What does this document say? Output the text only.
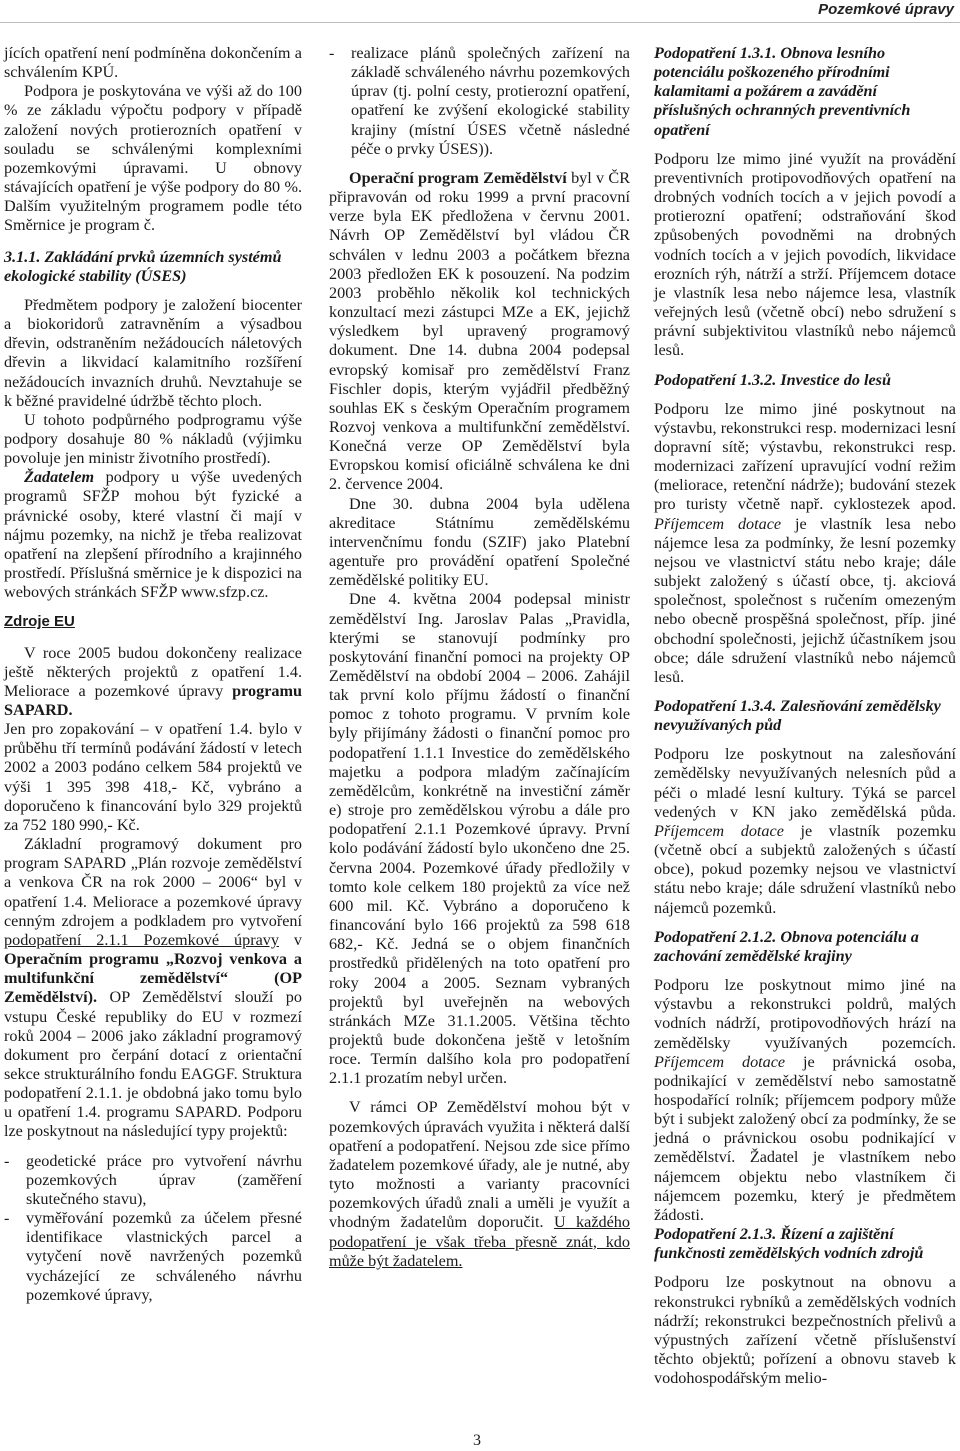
Pozemkové úpravy

jících opatření není podmíněna dokončením a schválením KPÚ.

Podpora je poskytována ve výši až do 100 % ze základu výpočtu podpory v případě založení nových protierozních opatření v souladu se schválenými komplexními pozemkovými úpravami. U obnovy stávajících opatření je výše podpory do 80 %. Dalším využitelným programem podle této Směrnice je program č.

3.1.1. Zakládání prvků územních systémů ekologické stability (ÚSES)

Předmětem podpory je založení biocenter a biokoridorů zatravněním a výsadbou dřevin, odstraněním nežádoucích náletových dřevin a likvidací kalamitního rozšíření nežádoucích invazních druhů. Nevztahuje se k běžné pravidelné údržbě těchto ploch.

U tohoto podpůrného podprogramu výše podpory dosahuje 80 % nákladů (výjimku povoluje jen ministr životního prostředí).

Žadatelem podpory u výše uvedených programů SFŽP mohou být fyzické a právnické osoby, které vlastní či mají v nájmu pozemky, na nichž je třeba realizovat opatření na zlepšení přírodního a krajinného prostředí. Příslušná směrnice je k dispozici na webových stránkách SFŽP www.sfzp.cz.

Zdroje EU

V roce 2005 budou dokončeny realizace ještě některých projektů z opatření 1.4. Meliorace a pozemkové úpravy programu SAPARD.

Jen pro zopakování – v opatření 1.4. bylo v průběhu tří termínů podávání žádostí v letech 2002 a 2003 podáno celkem 584 projektů ve výši 1 395 398 418,- Kč, vybráno a doporučeno k financování bylo 329 projektů za 752 180 990,- Kč.

Základní programový dokument pro program SAPARD „Plán rozvoje zemědělství a venkova ČR na rok 2000 – 2006“ byl v opatření 1.4. Meliorace a pozemkové úpravy cenným zdrojem a podkladem pro vytvoření podopatření 2.1.1 Pozemkové úpravy v Operačním programu „Rozvoj venkova a multifunkční zemědělství“ (OP Zemědělství). OP Zemědělství slouží po vstupu České republiky do EU v rozmezí roků 2004 – 2006 jako základní programový dokument pro čerpání dotací z orientační sekce strukturálního fondu EAGGF. Struktura podopatření 2.1.1. je obdobná jako tomu bylo u opatření 1.4. programu SAPARD. Podporu lze poskytnout na následující typy projektů:

- geodetické práce pro vytvoření návrhu pozemkových úprav (zaměření skutečného stavu),

- vyměřování pozemků za účelem přesné identifikace vlastnických parcel a vytyčení nově navržených pozemků vycházející ze schváleného návrhu pozemkové úpravy,

- realizace plánů společných zařízení na základě schváleného návrhu pozemkových úprav (tj. polní cesty, protierozní opatření, opatření ke zvýšení ekologické stability krajiny (místní ÚSES včetně následné péče o prvky ÚSES)).

Operační program Zemědělství byl v ČR připravován od roku 1999 a první pracovní verze byla EK předložena v červnu 2001. Návrh OP Zemědělství byl vládou ČR schválen v lednu 2003 a počátkem března 2003 předložen EK k posouzení. Na podzim 2003 proběhlo několik kol technických konzultací mezi zástupci MZe a EK, jejichž výsledkem byl upravený programový dokument. Dne 14. dubna 2004 podepsal evropský komisař pro zemědělství Franz Fischler dopis, kterým vyjádřil předběžný souhlas EK s českým Operačním programem Rozvoj venkova a multifunkční zemědělství. Konečná verze OP Zemědělství byla Evropskou komisí oficiálně schválena ke dni 2. července 2004.

Dne 30. dubna 2004 byla udělena akreditace Státnímu zemědělskému intervenčnímu fondu (SZIF) jako Platební agentuře pro provádění opatření Společné zemědělské politiky EU.

Dne 4. května 2004 podepsal ministr zemědělství Ing. Jaroslav Palas „Pravidla, kterými se stanovují podmínky pro poskytování finanční pomoci na projekty OP Zemědělství na období 2004 – 2006. Zahájil tak první kolo příjmu žádostí o finanční pomoc z tohoto programu. V prvním kole byly přijímány žádosti o finanční pomoc pro podopatření 1.1.1 Investice do zemědělského majetku a podpora mladým začínajícím zemědělcům, konkrétně na investiční záměr e) stroje pro zemědělskou výrobu a dále pro podopatření 2.1.1 Pozemkové úpravy. První kolo podávání žádostí bylo ukončeno dne 25. června 2004. Pozemkové úřady předložily v tomto kole celkem 180 projektů za více než 600 mil. Kč. Vybráno a doporučeno k financování bylo 166 projektů za 598 618 682,- Kč. Jedná se o objem finančních prostředků přidělených na toto opatření pro roky 2004 a 2005. Seznam vybraných projektů byl uveřejněn na webových stránkách MZe 31.1.2005. Většina těchto projektů bude dokončena ještě v letošním roce. Termín dalšího kola pro podopatření 2.1.1 prozatím nebyl určen.

V rámci OP Zemědělství mohou být v pozemkových úpravách využita i některá další opatření a podopatření. Nejsou zde sice přímo žadatelem pozemkové úřady, ale je nutné, aby tyto možnosti a varianty pracovníci pozemkových úřadů znali a uměli je využít a vhodným žadatelům doporučit. U každého podopatření je však třeba přesně znát, kdo může být žadatelem.

Podopatření 1.3.1. Obnova lesního potenciálu poškozeného přírodními kalamitami a požárem a zavádění příslušných ochranných preventivních opatření

Podporu lze mimo jiné využít na provádění preventivních protipovodňových opatření na drobných vodních tocích a v jejich povodí a protierozní opatření; odstraňování škod způsobených povodněmi na drobných vodních tocích a v jejich povodích, likvidace erozních rýh, nátrží a strží. Příjemcem dotace je vlastník lesa nebo nájemce lesa, vlastník veřejných lesů (včetně obcí) nebo sdružení s právní subjektivitou vlastníků nebo nájemců lesů.

Podopatření 1.3.2. Investice do lesů

Podporu lze mimo jiné poskytnout na výstavbu, rekonstrukci resp. modernizaci lesní dopravní sítě; výstavbu, rekonstrukci resp. modernizaci zařízení upravující vodní režim (meliorace, retenční nádrže); budování stezek pro turisty včetně např. cyklostezek apod. Příjemcem dotace je vlastník lesa nebo nájemce lesa za podmínky, že lesní pozemky nejsou ve vlastnictví státu nebo kraje; dále subjekt založený s účastí obce, tj. akciová společnost, společnost s ručením omezeným nebo obecně prospěšná společnost, příp. jiné obchodní společnosti, jejichž účastníkem jsou obce; dále sdružení vlastníků nebo nájemců lesů.

Podopatření 1.3.4. Zalesňování zemědělsky nevyužívaných půd

Podporu lze poskytnout na zalesňování zemědělsky nevyužívaných nelesních půd a péči o mladé lesní kultury. Týká se parcel vedených v KN jako zemědělská půda. Příjemcem dotace je vlastník pozemku (včetně obcí a subjektů založených s účastí obce), pokud pozemky nejsou ve vlastnictví státu nebo kraje; dále sdružení vlastníků nebo nájemců pozemků.

Podopatření 2.1.2. Obnova potenciálu a zachování zemědělské krajiny

Podporu lze poskytnout mimo jiné na výstavbu a rekonstrukci poldrů, malých vodních nádrží, protipovodňových hrází na zemědělsky využívaných pozemcích. Příjemcem dotace je právnická osoba, podnikající v zemědělství nebo samostatně hospodařící rolník; příjemcem podpory může být i subjekt založený obcí za podmínky, že se jedná o právnickou osobu podnikající v zemědělství. Žadatel je vlastníkem nebo nájemcem objektu nebo vlastníkem či nájemcem pozemku, který je předmětem žádosti.

Podopatření 2.1.3. Řízení a zajištění funkčnosti zemědělských vodních zdrojů

Podporu lze poskytnout na obnovu a rekonstrukci rybníků a zemědělských vodních nádrží; rekonstrukci bezpečnostních přelivů a výpustných zařízení včetně příslušenství těchto objektů; pořízení a obnovu staveb k vodohospodářským melio-

3
